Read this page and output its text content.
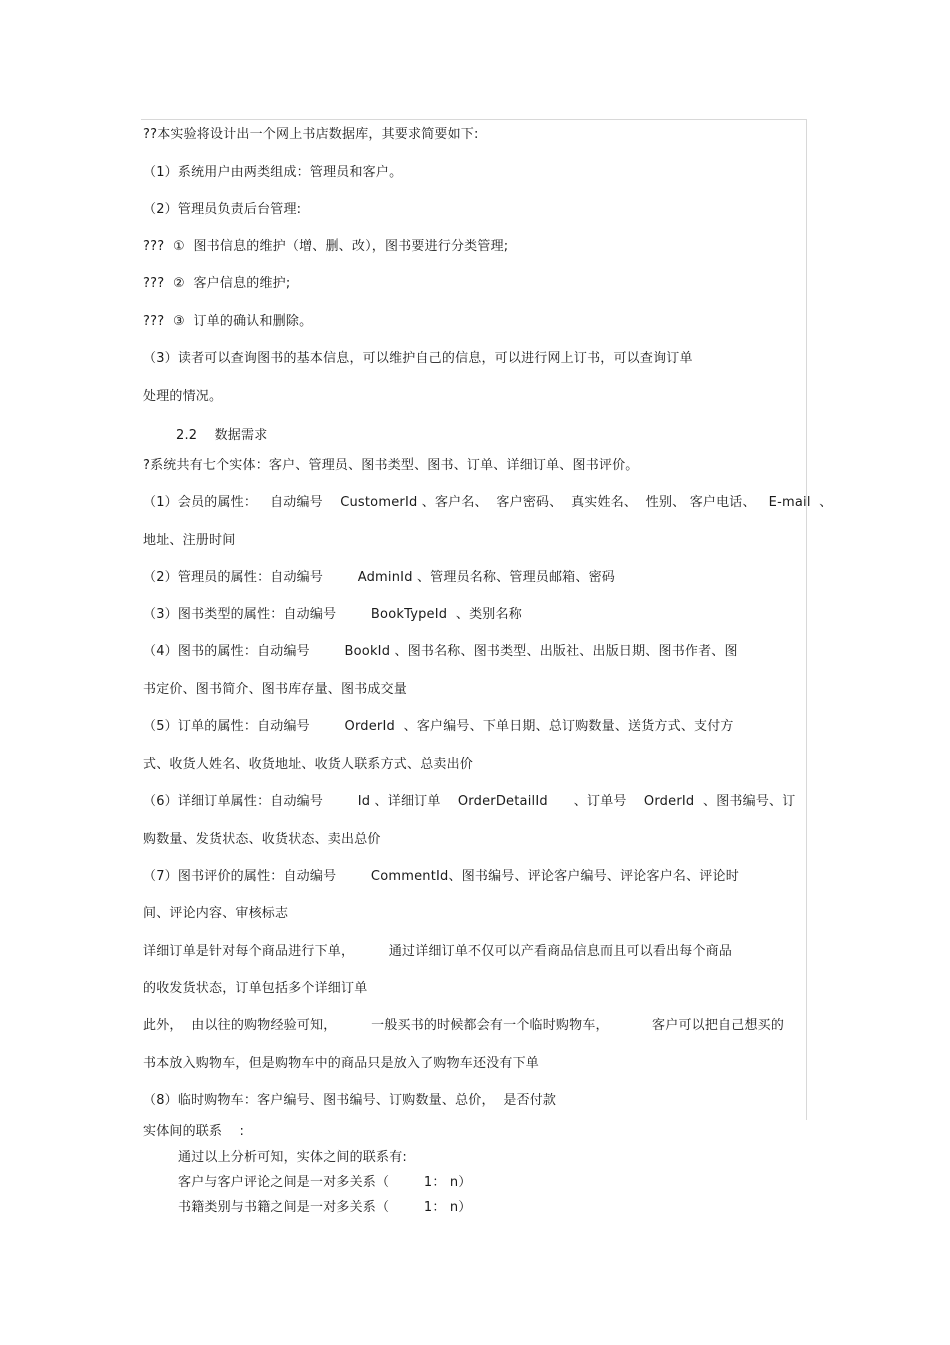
??本实验将设计出一个网上书店数据库，其要求简要如下:
（1）系统用户由两类组成：管理员和客户。
（2）管理员负责后台管理:
???  ①  图书信息的维护（增、删、改），图书要进行分类管理;
???  ②  客户信息的维护;
???  ③  订单的确认和删除。
（3）读者可以查询图书的基本信息，可以维护自己的信息，可以进行网上订书，可以查询订单
处理的情况。
2.2    数据需求
?系统共有七个实体：客户、管理员、图书类型、图书、订单、详细订单、图书评价。
（1）会员的属性：   自动编号    CustomerId 、客户名、  客户密码、  真实姓名、  性别、 客户电话、   E-mail  、
地址、注册时间
（2）管理员的属性：自动编号        AdminId 、管理员名称、管理员邮箱、密码
（3）图书类型的属性：自动编号        BookTypeId  、类别名称
（4）图书的属性：自动编号        BookId 、图书名称、图书类型、出版社、出版日期、图书作者、图
书定价、图书简介、图书库存量、图书成交量
（5）订单的属性：自动编号        OrderId  、客户编号、下单日期、总订购数量、送货方式、支付方
式、收货人姓名、收货地址、收货人联系方式、总卖出价
（6）详细订单属性：自动编号        Id 、详细订单    OrderDetailId      、订单号    OrderId  、图书编号、订
购数量、发货状态、收货状态、卖出总价
（7）图书评价的属性：自动编号        CommentId、图书编号、评论客户编号、评论客户名、评论时
间、评论内容、审核标志
详细订单是针对每个商品进行下单，        通过详细订单不仅可以产看商品信息而且可以看出每个商品
的收发货状态，订单包括多个详细订单
此外，  由以往的购物经验可知，        一般买书的时候都会有一个临时购物车，          客户可以把自己想买的
书本放入购物车，但是购物车中的商品只是放入了购物车还没有下单
（8）临时购物车：客户编号、图书编号、订购数量、总价，  是否付款
实体间的联系    :
通过以上分析可知，实体之间的联系有:
客户与客户评论之间是一对多关系（        1： n）
书籍类别与书籍之间是一对多关系（        1： n）
